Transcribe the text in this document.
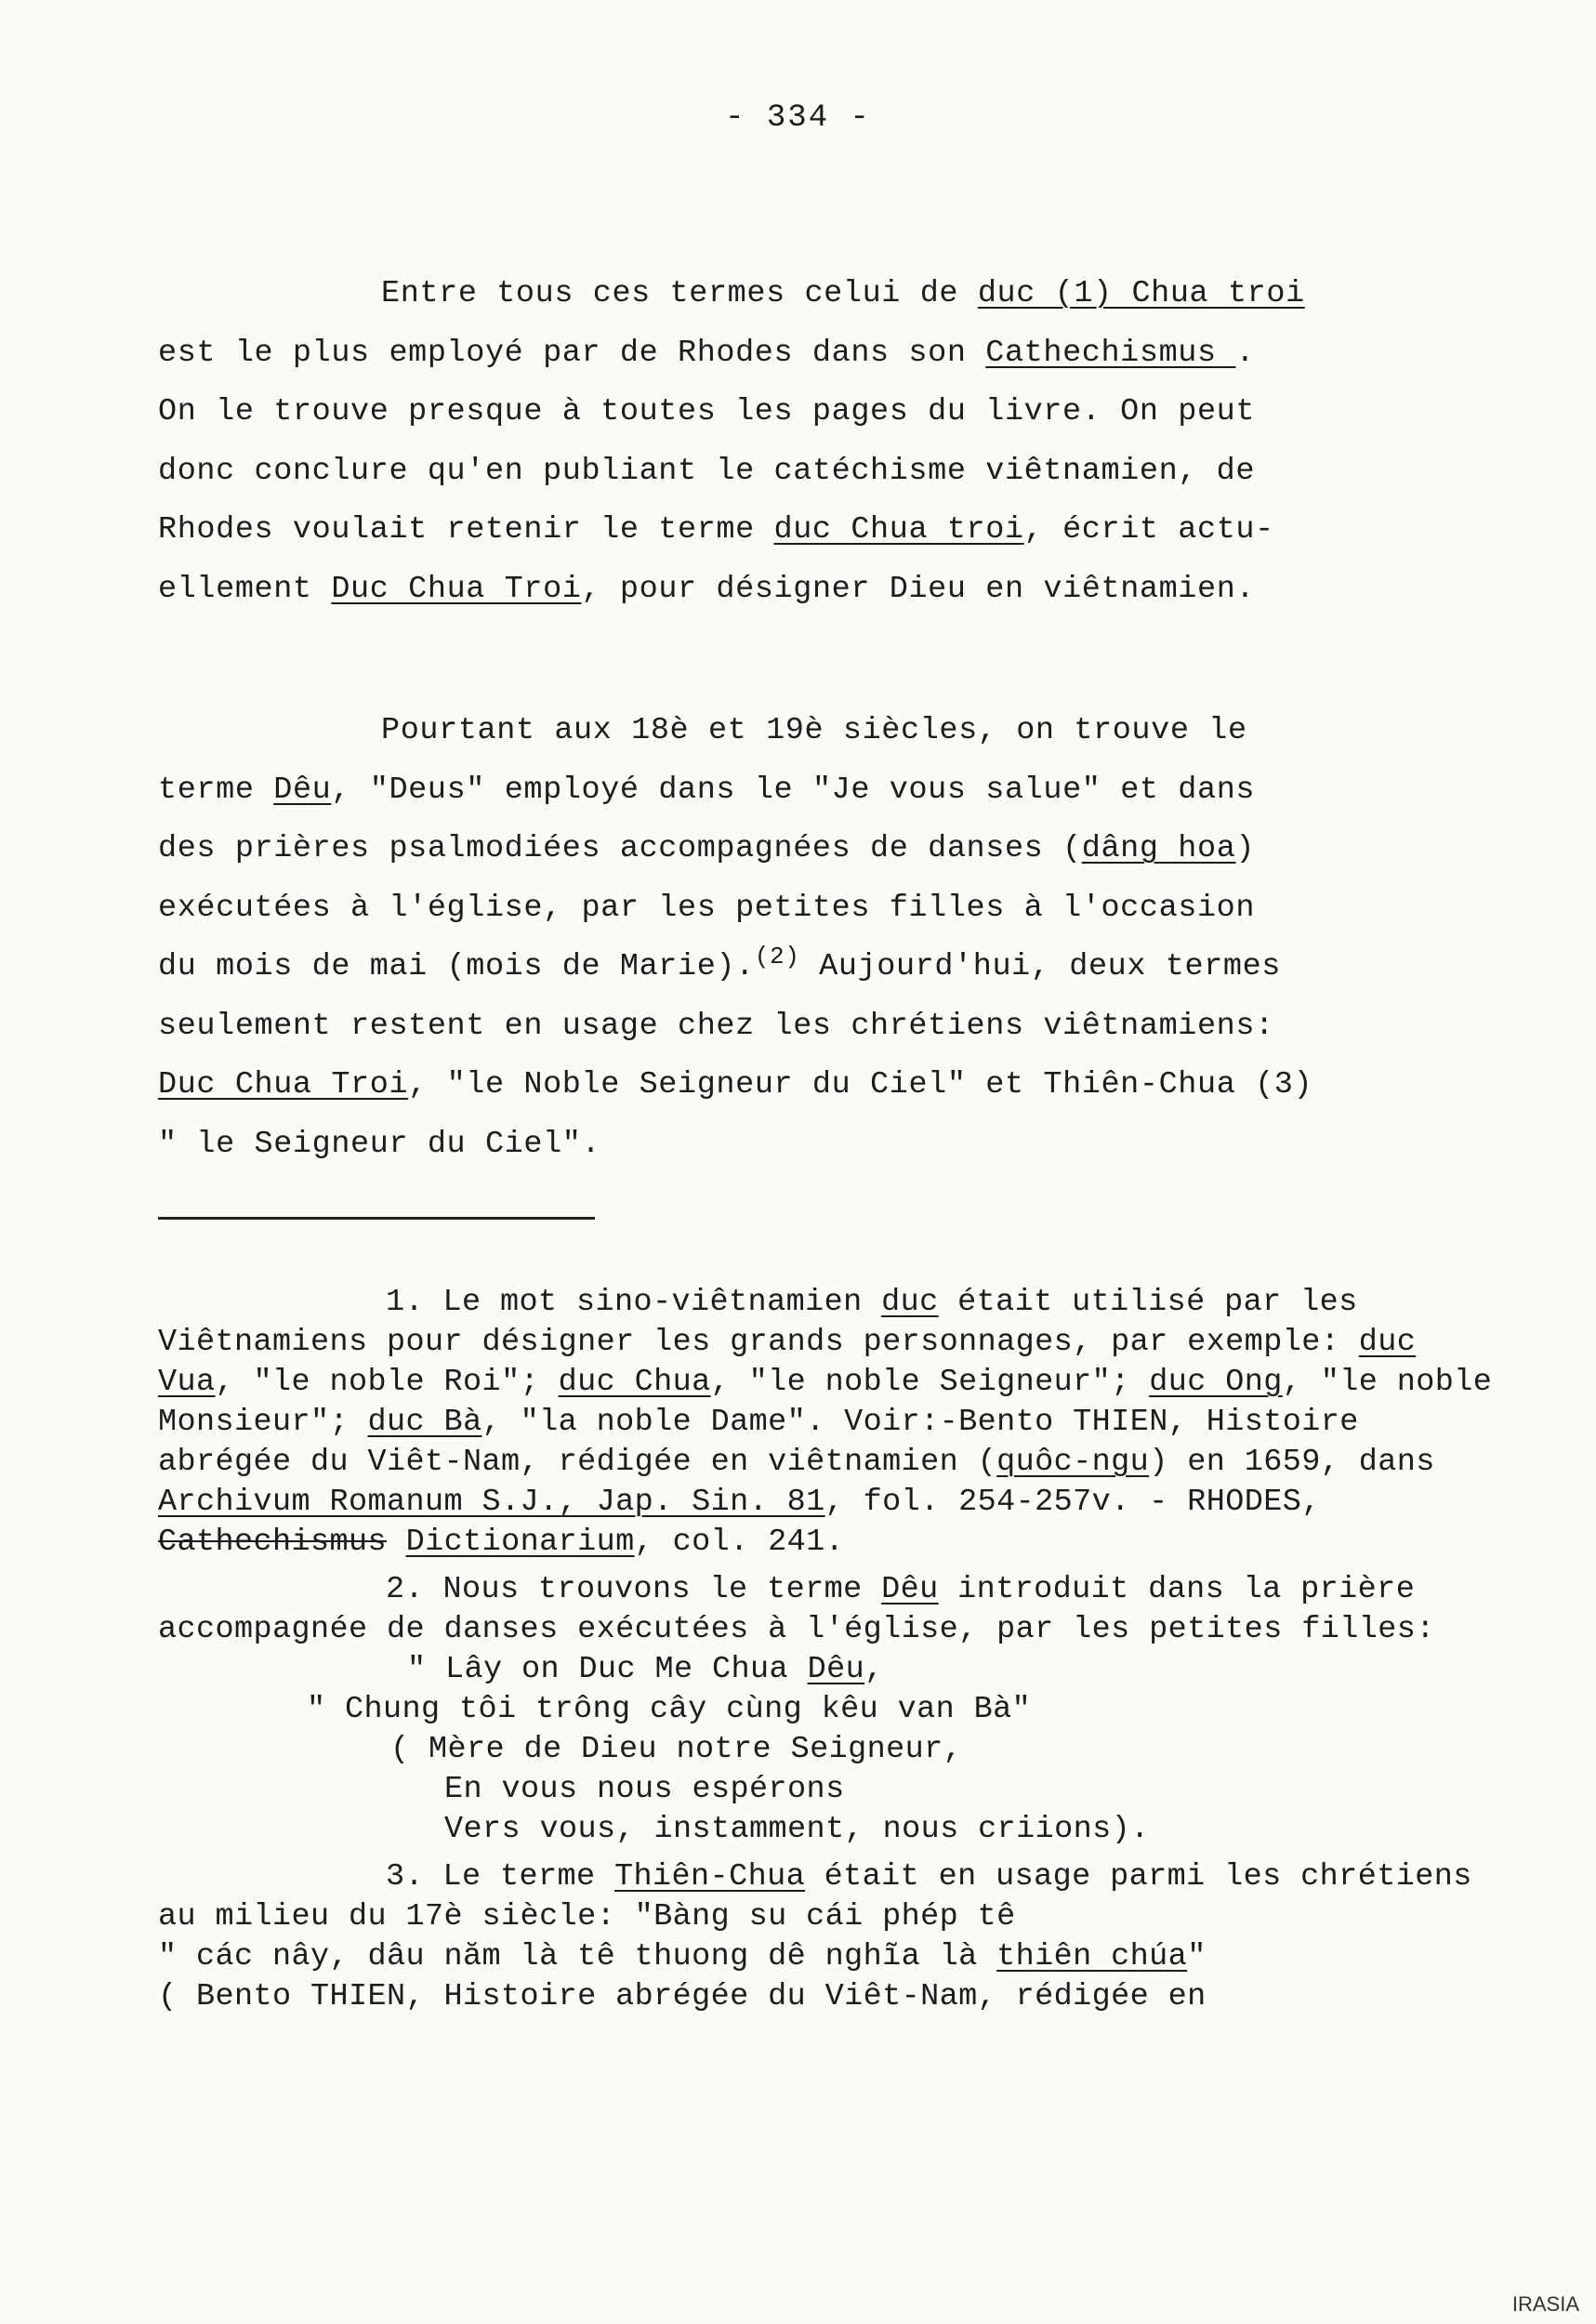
- 334 -
Entre tous ces termes celui de duc (1) Chua troi
est le plus employé par de Rhodes dans son Cathechismus .
On le trouve presque à toutes les pages du livre. On peut
donc conclure qu'en publiant le catéchisme viêtnamien, de
Rhodes voulait retenir le terme duc Chua troi, écrit actu-
ellement Duc Chua Troi, pour désigner Dieu en viêtnamien.
Pourtant aux 18è et 19è siècles, on trouve le
terme Dêu, "Deus" employé dans le "Je vous salue" et dans
des prières psalmodiées accompagnées de danses (dâng hoa)
exécutées à l'église, par les petites filles à l'occasion
du mois de mai (mois de Marie).$^{(2)}$ Aujourd'hui, deux termes
seulement restent en usage chez les chrétiens viêtnamiens:
Duc Chua Troi, "le Noble Seigneur du Ciel" et Thiên-Chua (3)
" le Seigneur du Ciel".
1. Le mot sino-viêtnamien duc était utilisé par les Viêtnamiens pour désigner les grands personnages, par exemple: duc Vua, "le noble Roi"; duc Chua, "le noble Seigneur"; duc Ong, "le noble Monsieur"; duc Bà, "la noble Dame". Voir:-Bento THIEN, Histoire abrégée du Viêt-Nam, rédigée en viêtnamien (quôc-ngu) en 1659, dans Archivum Romanum S.J., Jap. Sin. 81, fol. 254-257v. - RHODES, Cathechismus Dictionarium, col. 241.
2. Nous trouvons le terme Dêu introduit dans la prière accompagnée de danses exécutées à l'église, par les petites filles:
" Lây on Duc Me Chua Dêu,
" Chung tôi trông cây cùng kêu van Bà"
( Mère de Dieu notre Seigneur,
En vous nous espérons
Vers vous, instamment, nous criions).
3. Le terme Thiên-Chua était en usage parmi les chrétiens au milieu du 17è siècle: "Bàng su cái phép tê
" các nây, dâu năm là tê thuong dê nghĩa là thiên chúa"
( Bento THIEN, Histoire abrégée du Viêt-Nam, rédigée en
IRASIA
